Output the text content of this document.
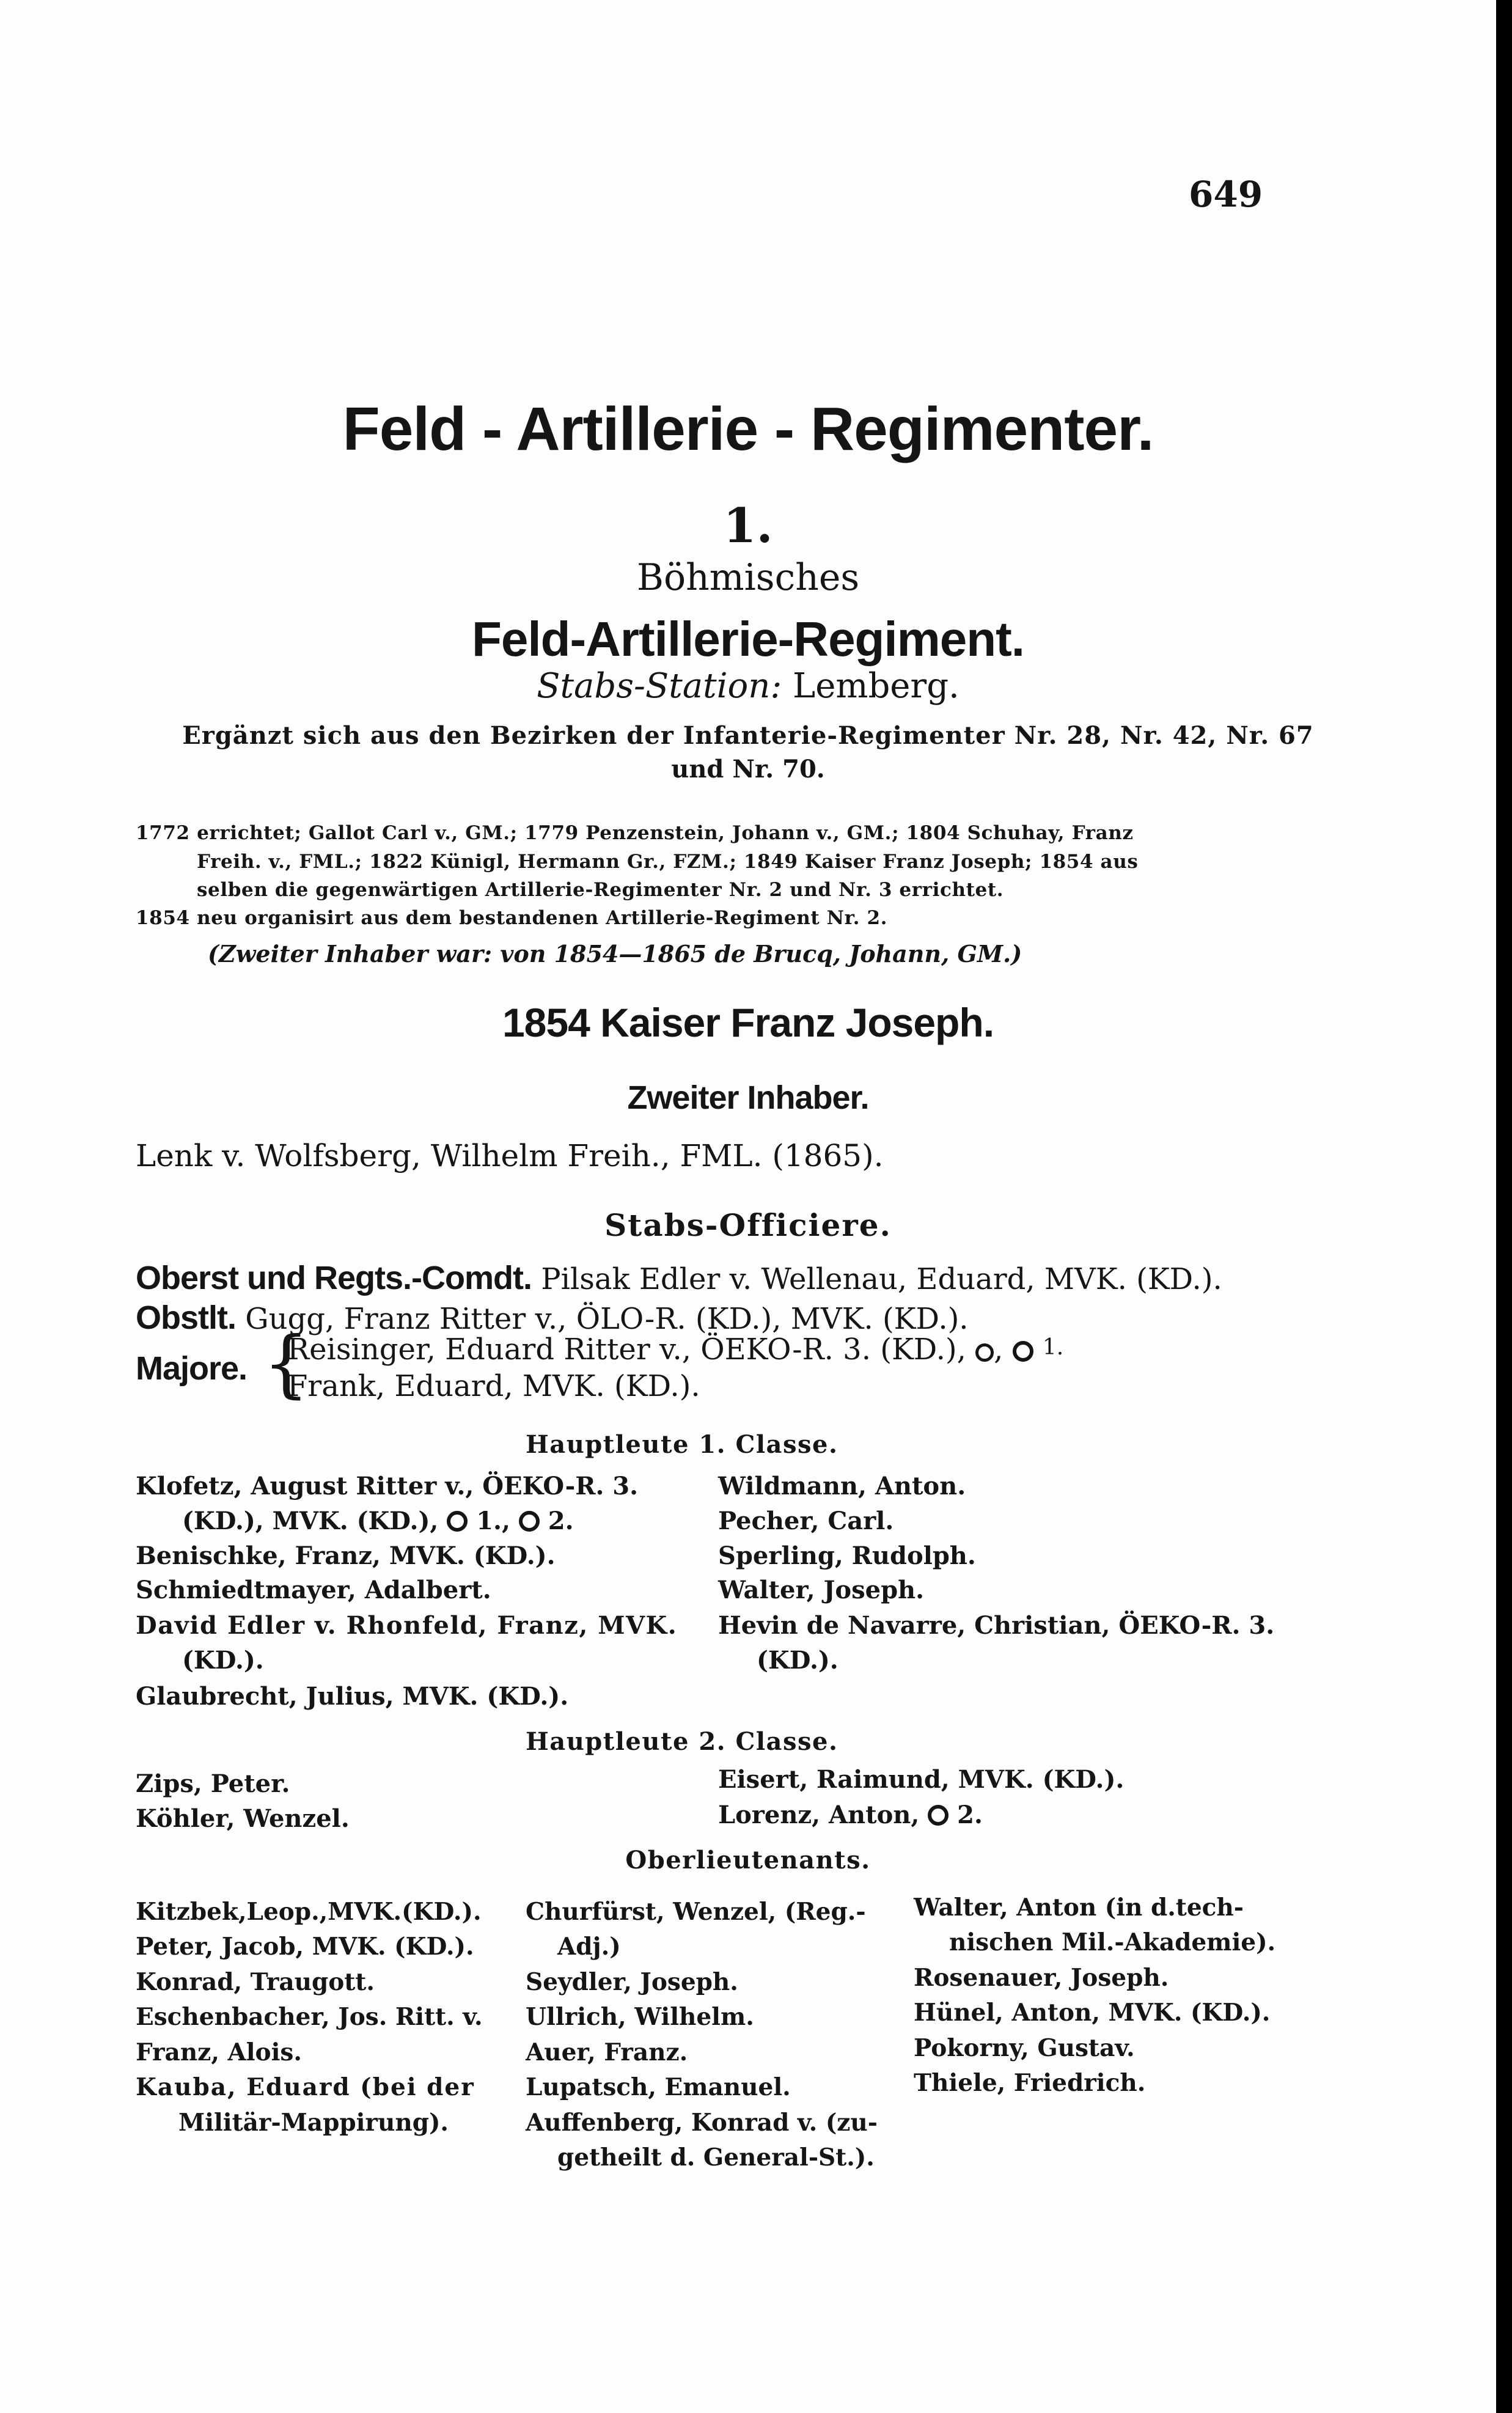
649
Feld - Artillerie - Regimenter.
1.
Böhmisches
Feld-Artillerie-Regiment.
Stabs-Station: Lemberg.
Ergänzt sich aus den Bezirken der Infanterie-Regimenter Nr. 28, Nr. 42, Nr. 67
und Nr. 70.
1772 errichtet; Gallot Carl v., GM.; 1779 Penzenstein, Johann v., GM.; 1804 Schuhay, Franz
Freih. v., FML.; 1822 Künigl, Hermann Gr., FZM.; 1849 Kaiser Franz Joseph; 1854 aus
selben die gegenwärtigen Artillerie-Regimenter Nr. 2 und Nr. 3 errichtet.
1854 neu organisirt aus dem bestandenen Artillerie-Regiment Nr. 2.
(Zweiter Inhaber war: von 1854—1865 de Brucq, Johann, GM.)
1854 Kaiser Franz Joseph.
Zweiter Inhaber.
Lenk v. Wolfsberg, Wilhelm Freih., FML. (1865).
Stabs-Officiere.
Oberst und Regts.-Comdt. Pilsak Edler v. Wellenau, Eduard, MVK. (KD.).
Obstlt. Gugg, Franz Ritter v., ÖLO-R. (KD.), MVK. (KD.).
Majore. {
Reisinger, Eduard Ritter v., ÖEKO-R. 3. (KD.), ,  1.
Frank, Eduard, MVK. (KD.).
Hauptleute 1. Classe.
Klofetz, August Ritter v., ÖEKO-R. 3.
(KD.), MVK. (KD.), 1., 2.
Benischke, Franz, MVK. (KD.).
Schmiedtmayer, Adalbert.
David Edler v. Rhonfeld, Franz, MVK.
(KD.).
Glaubrecht, Julius, MVK. (KD.).
Wildmann, Anton.
Pecher, Carl.
Sperling, Rudolph.
Walter, Joseph.
Hevin de Navarre, Christian, ÖEKO-R. 3.
(KD.).
Hauptleute 2. Classe.
Zips, Peter.
Köhler, Wenzel.
Eisert, Raimund, MVK. (KD.).
Lorenz, Anton, 2.
Oberlieutenants.
Kitzbek,Leop.,MVK.(KD.).
Peter, Jacob, MVK. (KD.).
Konrad, Traugott.
Eschenbacher, Jos. Ritt. v.
Franz, Alois.
Kauba, Eduard (bei der
Militär-Mappirung).
Churfürst, Wenzel, (Reg.-
Adj.)
Seydler, Joseph.
Ullrich, Wilhelm.
Auer, Franz.
Lupatsch, Emanuel.
Auffenberg, Konrad v. (zu-
getheilt d. General-St.).
Walter, Anton (in d.tech-
nischen Mil.-Akademie).
Rosenauer, Joseph.
Hünel, Anton, MVK. (KD.).
Pokorny, Gustav.
Thiele, Friedrich.
